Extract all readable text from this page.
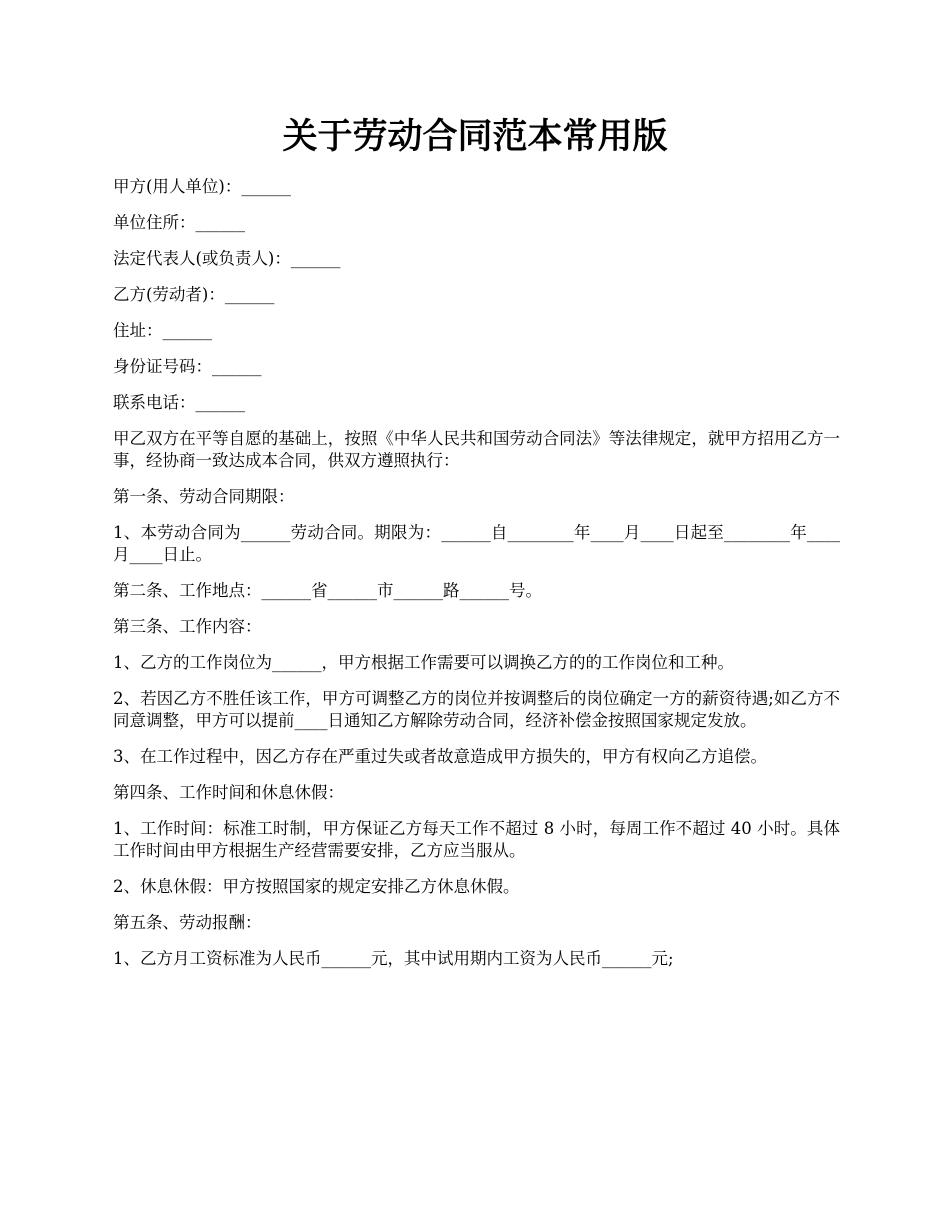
关于劳动合同范本常用版

甲方(用人单位)：______

单位住所：______

法定代表人(或负责人)：______

乙方(劳动者)：______

住址：______

身份证号码：______

联系电话：______

甲乙双方在平等自愿的基础上，按照《中华人民共和国劳动合同法》等法律规定，就甲方招用乙方一事，经协商一致达成本合同，供双方遵照执行：

第一条、劳动合同期限：

1、本劳动合同为______劳动合同。期限为：______自________年____月____日起至________年____月____日止。

第二条、工作地点：______省______市______路______号。

第三条、工作内容：

1、乙方的工作岗位为______，甲方根据工作需要可以调换乙方的的工作岗位和工种。

2、若因乙方不胜任该工作，甲方可调整乙方的岗位并按调整后的岗位确定一方的薪资待遇;如乙方不同意调整，甲方可以提前____日通知乙方解除劳动合同，经济补偿金按照国家规定发放。

3、在工作过程中，因乙方存在严重过失或者故意造成甲方损失的，甲方有权向乙方追偿。

第四条、工作时间和休息休假：

1、工作时间：标准工时制，甲方保证乙方每天工作不超过 8 小时，每周工作不超过 40 小时。具体工作时间由甲方根据生产经营需要安排，乙方应当服从。

2、休息休假：甲方按照国家的规定安排乙方休息休假。

第五条、劳动报酬：

1、乙方月工资标准为人民币______元，其中试用期内工资为人民币______元;
